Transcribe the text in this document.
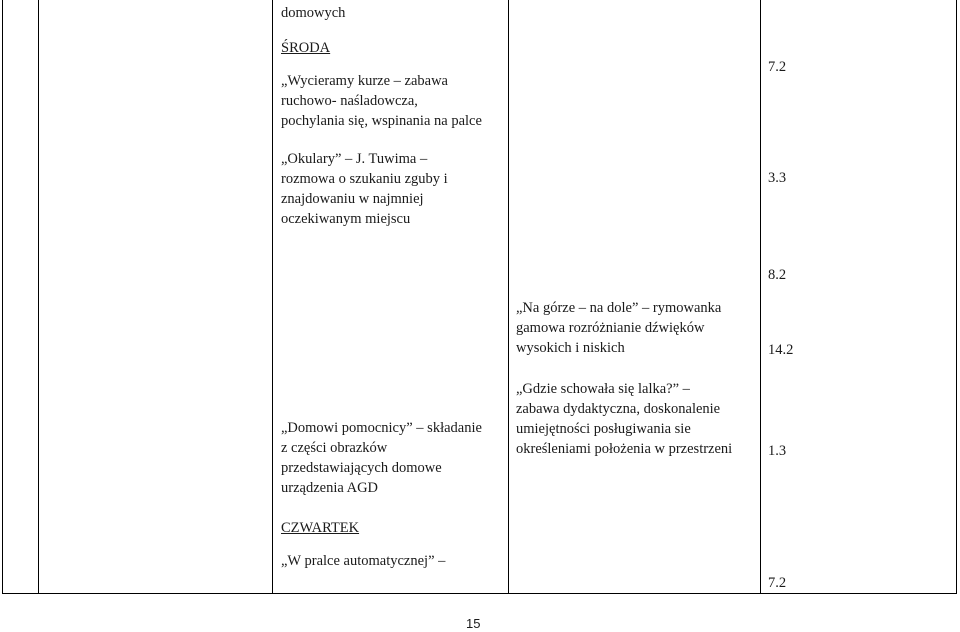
domowych
ŚRODA
„Wycieramy kurze – zabawa
ruchowo- naśladowcza,
pochylania się, wspinania na palce
„Okulary” – J. Tuwima –
rozmowa o szukaniu zguby i
znajdowaniu w najmniej
oczekiwanym miejscu
„Domowi pomocnicy” – składanie
z części obrazków
przedstawiających domowe
urządzenia AGD
CZWARTEK
„W pralce automatycznej” –
„Na górze – na dole” – rymowanka
gamowa rozróżnianie dźwięków
wysokich i niskich
„Gdzie schowała się lalka?” –
zabawa dydaktyczna, doskonalenie
umiejętności posługiwania sie
określeniami położenia w przestrzeni
7.2
3.3
8.2
14.2
1.3
7.2
15
